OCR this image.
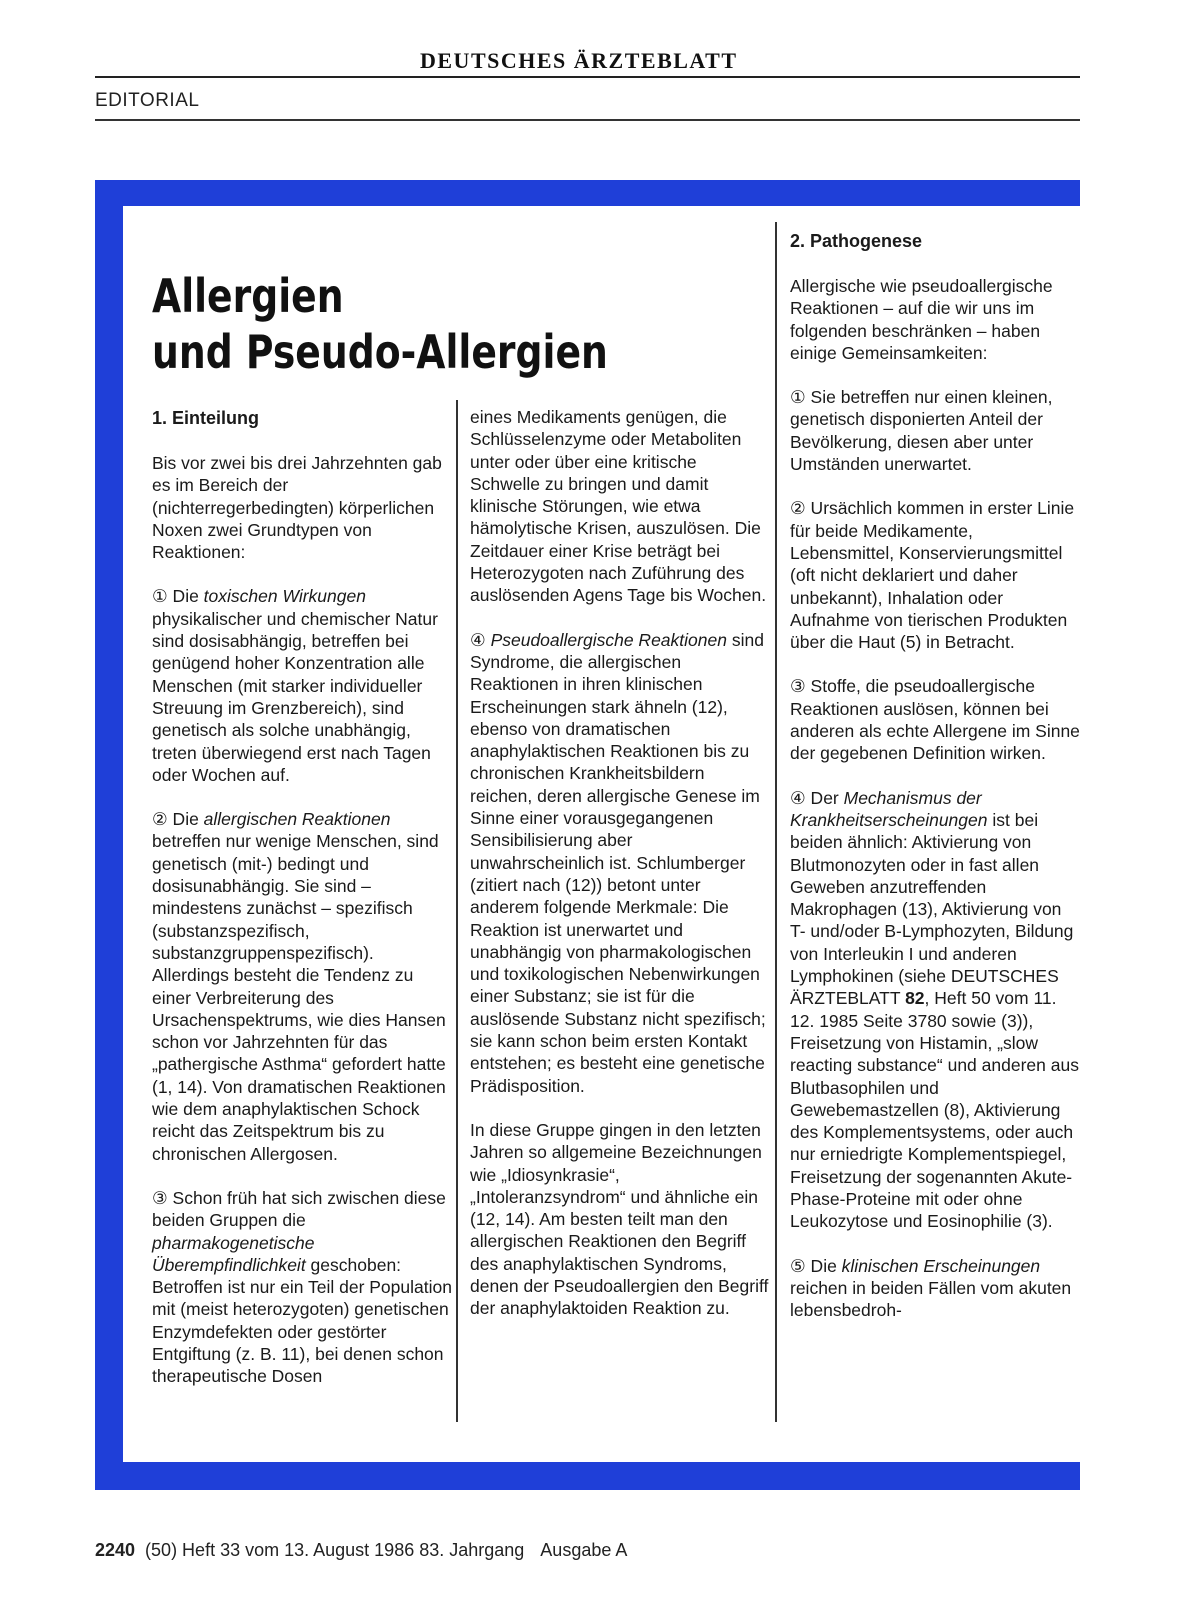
DEUTSCHES ÄRZTEBLATT
EDITORIAL
Allergien
und Pseudo-Allergien
1. Einteilung

Bis vor zwei bis drei Jahrzehnten gab es im Bereich der (nichterregerbedingten) körperlichen Noxen zwei Grundtypen von Reaktionen:

① Die toxischen Wirkungen physikalischer und chemischer Natur sind dosisabhängig, betreffen bei genügend hoher Konzentration alle Menschen (mit starker individueller Streuung im Grenzbereich), sind genetisch als solche unabhängig, treten überwiegend erst nach Tagen oder Wochen auf.

② Die allergischen Reaktionen betreffen nur wenige Menschen, sind genetisch (mit-) bedingt und dosisunabhängig. Sie sind – mindestens zunächst – spezifisch (substanzspezifisch, substanzgruppenspezifisch). Allerdings besteht die Tendenz zu einer Verbreiterung des Ursachenspektrums, wie dies Hansen schon vor Jahrzehnten für das „pathergische Asthma“ gefordert hatte (1, 14). Von dramatischen Reaktionen wie dem anaphylaktischen Schock reicht das Zeitspektrum bis zu chronischen Allergosen.

③ Schon früh hat sich zwischen diese beiden Gruppen die pharmakogenetische Überempfindlichkeit geschoben: Betroffen ist nur ein Teil der Population mit (meist heterozygoten) genetischen Enzymdefekten oder gestörter Entgiftung (z. B. 11), bei denen schon therapeutische Dosen

eines Medikaments genügen, die Schlüsselenzyme oder Metaboliten unter oder über eine kritische Schwelle zu bringen und damit klinische Störungen, wie etwa hämolytische Krisen, auszulösen. Die Zeitdauer einer Krise beträgt bei Heterozygoten nach Zuführung des auslösenden Agens Tage bis Wochen.

④ Pseudoallergische Reaktionen sind Syndrome, die allergischen Reaktionen in ihren klinischen Erscheinungen stark ähneln (12), ebenso von dramatischen anaphylaktischen Reaktionen bis zu chronischen Krankheitsbildern reichen, deren allergische Genese im Sinne einer vorausgegangenen Sensibilisierung aber unwahrscheinlich ist. Schlumberger (zitiert nach (12)) betont unter anderem folgende Merkmale: Die Reaktion ist unerwartet und unabhängig von pharmakologischen und toxikologischen Nebenwirkungen einer Substanz; sie ist für die auslösende Substanz nicht spezifisch; sie kann schon beim ersten Kontakt entstehen; es besteht eine genetische Prädisposition.

In diese Gruppe gingen in den letzten Jahren so allgemeine Bezeichnungen wie „Idiosynkrasie“, „Intoleranzsyndrom“ und ähnliche ein (12, 14). Am besten teilt man den allergischen Reaktionen den Begriff des anaphylaktischen Syndroms, denen der Pseudoallergien den Begriff der anaphylaktoiden Reaktion zu.

2. Pathogenese

Allergische wie pseudoallergische Reaktionen – auf die wir uns im folgenden beschränken – haben einige Gemeinsamkeiten:

① Sie betreffen nur einen kleinen, genetisch disponierten Anteil der Bevölkerung, diesen aber unter Umständen unerwartet.

② Ursächlich kommen in erster Linie für beide Medikamente, Lebensmittel, Konservierungsmittel (oft nicht deklariert und daher unbekannt), Inhalation oder Aufnahme von tierischen Produkten über die Haut (5) in Betracht.

③ Stoffe, die pseudoallergische Reaktionen auslösen, können bei anderen als echte Allergene im Sinne der gegebenen Definition wirken.

④ Der Mechanismus der Krankheitserscheinungen ist bei beiden ähnlich: Aktivierung von Blutmonozyten oder in fast allen Geweben anzutreffenden Makrophagen (13), Aktivierung von T- und/oder B-Lymphozyten, Bildung von Interleukin I und anderen Lymphokinen (siehe DEUTSCHES ÄRZTEBLATT 82, Heft 50 vom 11. 12. 1985 Seite 3780 sowie (3)), Freisetzung von Histamin, „slow reacting substance“ und anderen aus Blutbasophilen und Gewebemastzellen (8), Aktivierung des Komplementsystems, oder auch nur erniedrigte Komplementspiegel, Freisetzung der sogenannten Akute-Phase-Proteine mit oder ohne Leukozytose und Eosinophilie (3).

⑤ Die klinischen Erscheinungen reichen in beiden Fällen vom akuten lebensbedroh-

2240 (50) Heft 33 vom 13. August 1986 83. Jahrgang Ausgabe A
